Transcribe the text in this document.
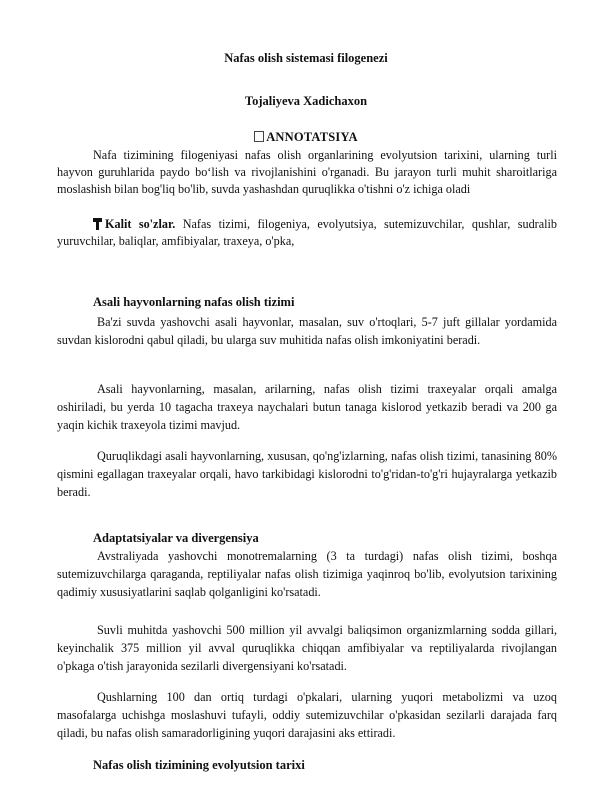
Nafas olish sistemasi filogenezi
Tojaliyeva Xadichaxon
ANNOTATSIYA

Nafa tizimining filogeniyasi nafas olish organlarining evolyutsion tarixini, ularning turli hayvon guruhlarida paydo bo‘lish va rivojlanishini o'rganadi. Bu jarayon turli muhit sharoitlariga moslashish bilan bog'liq bo'lib, suvda yashashdan quruqlikka o'tishni o'z ichiga oladi

Kalit so'zlar. Nafas tizimi, filogeniya, evolyutsiya, sutemizuvchilar, qushlar, sudralib yuruvchilar, baliqlar, amfibiyalar, traxeya, o'pka,

Asali hayvonlarning nafas olish tizimi

Ba'zi suvda yashovchi asali hayvonlar, masalan, suv o'rtoqlari, 5-7 juft gillalar yordamida suvdan kislorodni qabul qiladi, bu ularga suv muhitida nafas olish imkoniyatini beradi.

Asali hayvonlarning, masalan, arilarning, nafas olish tizimi traxeyalar orqali amalga oshiriladi, bu yerda 10 tagacha traxeya naychalari butun tanaga kislorod yetkazib beradi va 200 ga yaqin kichik traxeyola tizimi mavjud.

Quruqlikdagi asali hayvonlarning, xususan, qo'ng'izlarning, nafas olish tizimi, tanasining 80% qismini egallagan traxeyalar orqali, havo tarkibidagi kislorodni to'g'ridan-to'g'ri hujayralarga yetkazib beradi.

Adaptatsiyalar va divergensiya

Avstraliyada yashovchi monotremalarning (3 ta turdagi) nafas olish tizimi, boshqa sutemizuvchilarga qaraganda, reptiliyalar nafas olish tizimiga yaqinroq bo'lib, evolyutsion tarixining qadimiy xususiyatlarini saqlab qolganligini ko'rsatadi.

Suvli muhitda yashovchi 500 million yil avvalgi baliqsimon organizmlarning sodda gillari, keyinchalik 375 million yil avval quruqlikka chiqqan amfibiyalar va reptiliyalarda rivojlangan o'pkaga o'tish jarayonida sezilarli divergensiyani ko'rsatadi.

Qushlarning 100 dan ortiq turdagi o'pkalari, ularning yuqori metabolizmi va uzoq masofalarga uchishga moslashuvi tufayli, oddiy sutemizuvchilar o'pkasidan sezilarli darajada farq qiladi, bu nafas olish samaradorligining yuqori darajasini aks ettiradi.

Nafas olish tizimining evolyutsion tarixi
